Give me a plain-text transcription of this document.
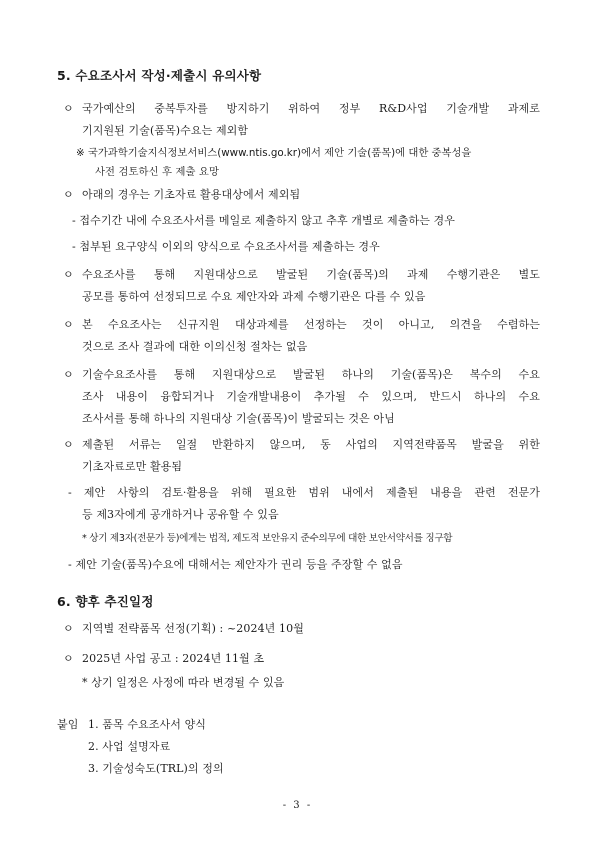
5. 수요조사서 작성·제출시 유의사항
ㅇ 국가예산의 중복투자를 방지하기 위하여 정부 R&D사업 기술개발 과제로
기지원된 기술(품목)수요는 제외함
※ 국가과학기술지식정보서비스(www.ntis.go.kr)에서 제안 기술(품목)에 대한 중복성을
사전 검토하신 후 제출 요망
ㅇ 아래의 경우는 기초자료 활용대상에서 제외됨
- 접수기간 내에 수요조사서를 메일로 제출하지 않고 추후 개별로 제출하는 경우
- 첨부된 요구양식 이외의 양식으로 수요조사서를 제출하는 경우
ㅇ 수요조사를 통해 지원대상으로 발굴된 기술(품목)의 과제 수행기관은 별도
공모를 통하여 선정되므로 수요 제안자와 과제 수행기관은 다를 수 있음
ㅇ 본 수요조사는 신규지원 대상과제를 선정하는 것이 아니고, 의견을 수렴하는
것으로 조사 결과에 대한 이의신청 절차는 없음
ㅇ 기술수요조사를 통해 지원대상으로 발굴된 하나의 기술(품목)은 복수의 수요
조사 내용이 융합되거나 기술개발내용이 추가될 수 있으며, 반드시 하나의 수요
조사서를 통해 하나의 지원대상 기술(품목)이 발굴되는 것은 아님
ㅇ 제출된 서류는 일절 반환하지 않으며, 동 사업의 지역전략품목 발굴을 위한
기초자료로만 활용됨
- 제안 사항의 검토·활용을 위해 필요한 범위 내에서 제출된 내용을 관련 전문가
등 제3자에게 공개하거나 공유할 수 있음
* 상기 제3자(전문가 등)에게는 법적, 제도적 보안유지 준수의무에 대한 보안서약서를 징구함
- 제안 기술(품목)수요에 대해서는 제안자가 권리 등을 주장할 수 없음
6. 향후 추진일정
ㅇ 지역별 전략품목 선정(기획) : ~2024년 10월
ㅇ 2025년 사업 공고 : 2024년 11월 초
* 상기 일정은 사정에 따라 변경될 수 있음
붙임 1. 품목 수요조사서 양식
2. 사업 설명자료
3. 기술성숙도(TRL)의 정의
- 3 -
